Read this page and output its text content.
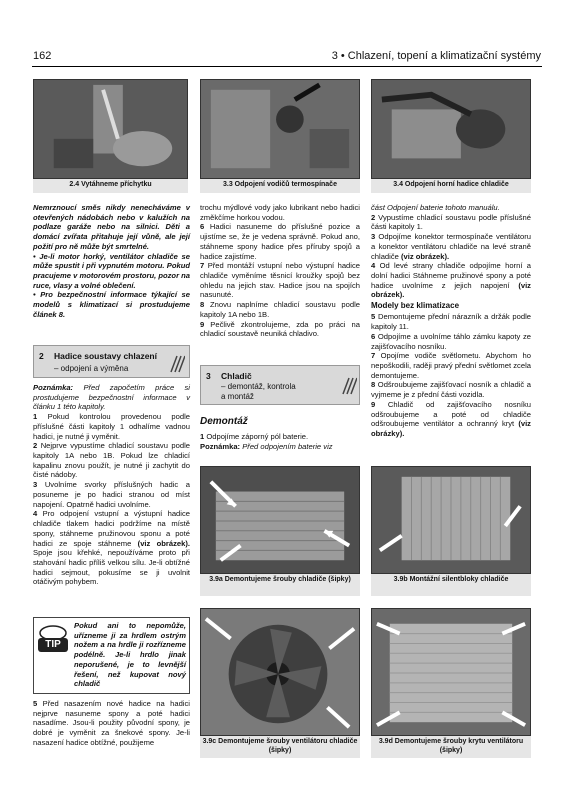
162	3 • Chlazení, topení a klimatizační systémy
2.4 Vytáhneme příchytku	3.3 Odpojení vodičů termospínače	3.4 Odpojení horní hadice chladiče

Nemrznoucí směs nikdy nenecháváme v otevřených nádobách nebo v kalužích na podlaze garáže nebo na silnici. Děti a domácí zvířata přitahuje její vůně, ale její požití pro ně může být smrtelné.

• Je-li motor horký, ventilátor chladiče se může spustit i při vypnutém motoru. Pokud pracujeme v motorovém prostoru, pozor na ruce, vlasy a volné oblečení.

• Pro bezpečnostní informace týkající se modelů s klimatizací si prostudujeme článek 8.

2 Hadice soustavy chlazení
– odpojení a výměna

Poznámka: Před započetím práce si prostudujeme bezpečnostní informace v článku 1 této kapitoly.

1 Pokud kontrolou provedenou podle příslušné části kapitoly 1 odhalíme vadnou hadici, je nutné ji vyměnit.

2 Nejprve vypustíme chladicí soustavu podle kapitoly 1A nebo 1B. Pokud lze chladicí kapalinu znovu použít, je nutné ji zachytit do čisté nádoby.

3 Uvolníme svorky příslušných hadic a posuneme je po hadici stranou od míst napojení. Opatrně hadici uvolníme.

4 Pro odpojení vstupní a výstupní hadice chladiče tlakem hadici podržíme na místě spony, stáhneme pružinovou sponu a poté hadici ze spoje stáhneme (viz obrázek). Spoje jsou křehké, nepoužíváme proto při stahování hadic příliš velkou sílu. Je-li obtížné hadici sejmout, pokusíme se ji uvolnit otáčivým pohybem.

TIP
Pokud ani to nepomůže, uřízneme ji za hrdlem ostrým nožem a na hrdle ji rozřízneme podélně. Je-li hrdlo jinak neporušené, je to levnější řešení, než kupovat nový chladič

5 Před nasazením nové hadice na hadici nejprve nasuneme spony a poté hadici nasadíme. Jsou-li použity původní spony, je dobré je vyměnit za šnekové spony. Je-li nasazení hadice obtížné, použijeme

trochu mýdlové vody jako lubrikant nebo hadici změkčíme horkou vodou.

6 Hadici nasuneme do příslušné pozice a ujistíme se, že je vedena správně. Pokud ano, stáhneme spony hadice přes příruby spojů a hadice zajistíme.

7 Před montáží vstupní nebo výstupní hadice chladiče vyměníme těsnicí kroužky spojů bez ohledu na jejich stav. Hadice jsou na spojích nasunuté.

8 Znovu naplníme chladicí soustavu podle kapitoly 1A nebo 1B.

9 Pečlivě zkontrolujeme, zda po práci na chladicí soustavě neuniká chladivo.

3 Chladič
– demontáž, kontrola
a montáž
Demontáž

1 Odpojíme záporný pól baterie.

Poznámka: Před odpojením baterie viz

část Odpojení baterie tohoto manuálu.

2 Vypustíme chladicí soustavu podle příslušné části kapitoly 1.

3 Odpojíme konektor termospínače ventilátoru a konektor ventilátoru chladiče na levé straně chladiče (viz obrázek).

4 Od levé strany chladiče odpojíme horní a dolní hadici Stáhneme pružinové spony a poté hadice uvolníme z jejich napojení (viz obrázek).

Modely bez klimatizace

5 Demontujeme přední nárazník a držák podle kapitoly 11.

6 Odpojíme a uvolníme táhlo zámku kapoty ze zajišťovacího nosníku.

7 Opojíme vodiče světlometu. Abychom ho nepoškodili, raději pravý přední světlomet zcela demontujeme.

8 Odšroubujeme zajišťovací nosník a chladič a vyjmeme je z přední části vozidla.

9 Chladič od zajišťovacího nosníku odšroubujeme a poté od chladiče odšroubujeme ventilátor a ochranný kryt (viz obrázky).

3.9a Demontujeme šrouby chladiče (šipky)	3.9b Montážní silentbloky chladiče
3.9c Demontujeme šrouby ventilátoru chladiče (šipky)
3.9d Demontujeme šrouby krytu ventilátoru (šipky)
